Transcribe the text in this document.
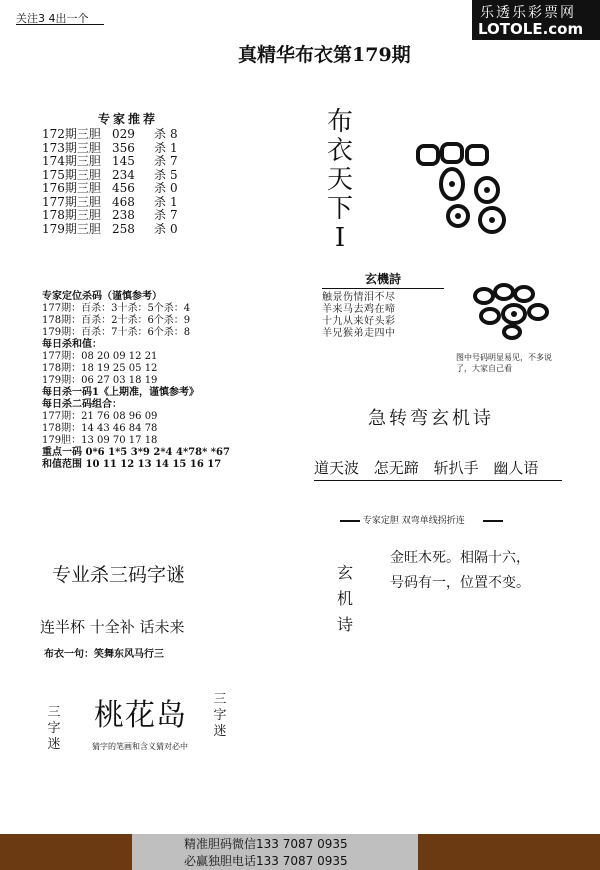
关注3 4出一个	乐透乐彩票网
LOTOLE.com
真精华布衣第179期
专家推荐
172期三胆 029 杀 8
173期三胆 356 杀 1
174期三胆 145 杀 7
175期三胆 234 杀 5
176期三胆 456 杀 0
177期三胆 468 杀 1
178期三胆 238 杀 7
179期三胆 258 杀 0
专家定位杀码（谨慎参考）
177期：百杀：3十杀：5个杀：4
178期：百杀：2十杀：6个杀：9
179期：百杀：7十杀：6个杀：8
每日杀和值：
177期：08 20 09 12 21
178期：18 19 25 05 12
179期：06 27 03 18 19
每日杀一码1《上期准，谨慎参考》
每日杀二码组合：
177期：21 76 08 96 09
178期：14 43 46 84 78
179胆：13 09 70 17 18
重点一码 0*6 1*5 3*9 2*4 4*78* *67
和值范围 10 11 12 13 14 15 16 17
专业杀三码字谜
连半杯 十全补 话未来
布衣一句：笑舞东风马行三
三字迷
三字迷
桃花岛
猜字的笔画和含义猜对必中
布衣天下I
玄機詩
触景伤情泪不尽
羊来马去鸡在啼
十九从来好头彩
羊兄猴弟走四中
图中号码明显易见，不多说了，大家自己看
急转弯玄机诗
道天波 怎无蹄 斩扒手 幽人语
专家定胆 双弯单线拐折连
玄机诗
金旺木死。相隔十六，
号码有一，位置不变。
精准胆码微信133 7087 0935
必赢独胆电话133 7087 0935
